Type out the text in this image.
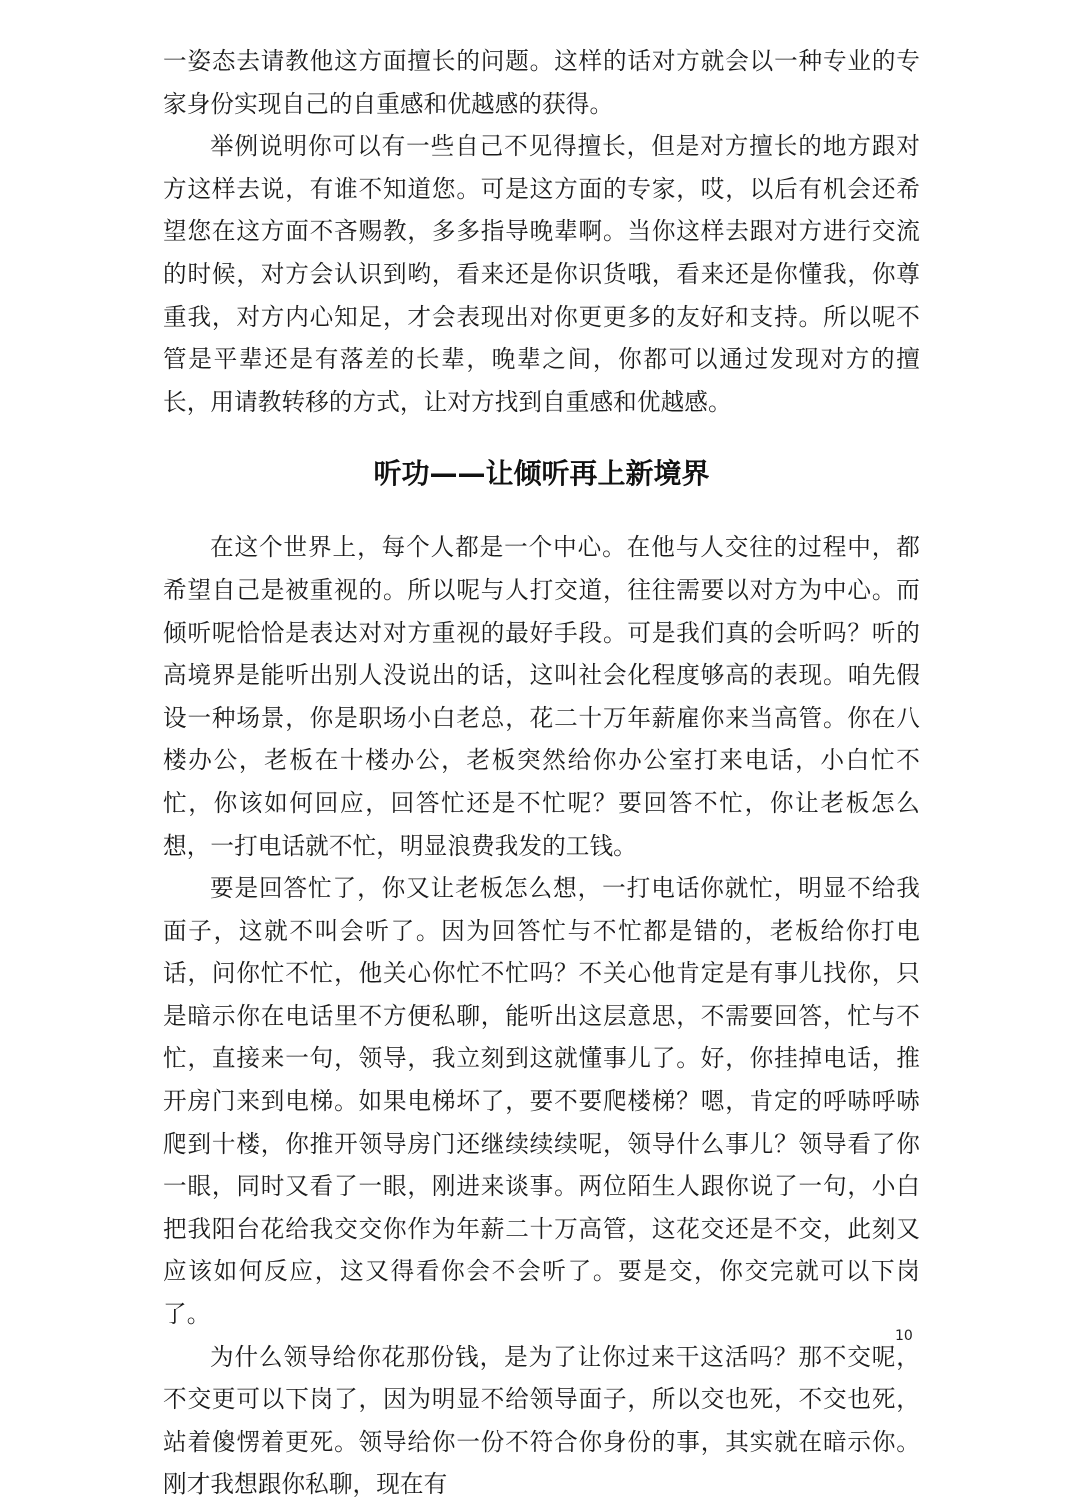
一姿态去请教他这方面擅长的问题。这样的话对方就会以一种专业的专家身份实现自己的自重感和优越感的获得。

举例说明你可以有一些自己不见得擅长，但是对方擅长的地方跟对方这样去说，有谁不知道您。可是这方面的专家，哎，以后有机会还希望您在这方面不吝赐教，多多指导晚辈啊。当你这样去跟对方进行交流的时候，对方会认识到哟，看来还是你识货哦，看来还是你懂我，你尊重我，对方内心知足，才会表现出对你更更多的友好和支持。所以呢不管是平辈还是有落差的长辈，晚辈之间，你都可以通过发现对方的擅长，用请教转移的方式，让对方找到自重感和优越感。

听功——让倾听再上新境界

在这个世界上，每个人都是一个中心。在他与人交往的过程中，都希望自己是被重视的。所以呢与人打交道，往往需要以对方为中心。而倾听呢恰恰是表达对对方重视的最好手段。可是我们真的会听吗？听的高境界是能听出别人没说出的话，这叫社会化程度够高的表现。咱先假设一种场景，你是职场小白老总，花二十万年薪雇你来当高管。你在八楼办公，老板在十楼办公，老板突然给你办公室打来电话，小白忙不忙，你该如何回应，回答忙还是不忙呢？要回答不忙，你让老板怎么想，一打电话就不忙，明显浪费我发的工钱。

要是回答忙了，你又让老板怎么想，一打电话你就忙，明显不给我面子，这就不叫会听了。因为回答忙与不忙都是错的，老板给你打电话，问你忙不忙，他关心你忙不忙吗？不关心他肯定是有事儿找你，只是暗示你在电话里不方便私聊，能听出这层意思，不需要回答，忙与不忙，直接来一句，领导，我立刻到这就懂事儿了。好，你挂掉电话，推开房门来到电梯。如果电梯坏了，要不要爬楼梯？嗯，肯定的呼哧呼哧爬到十楼，你推开领导房门还继续续续呢，领导什么事儿？领导看了你一眼，同时又看了一眼，刚进来谈事。两位陌生人跟你说了一句，小白把我阳台花给我交交你作为年薪二十万高管，这花交还是不交，此刻又应该如何反应，这又得看你会不会听了。要是交，你交完就可以下岗了。

为什么领导给你花那份钱，是为了让你过来干这活吗？那不交呢，不交更可以下岗了，因为明显不给领导面子，所以交也死，不交也死，站着傻愣着更死。领导给你一份不符合你身份的事，其实就在暗示你。刚才我想跟你私聊，现在有

10
